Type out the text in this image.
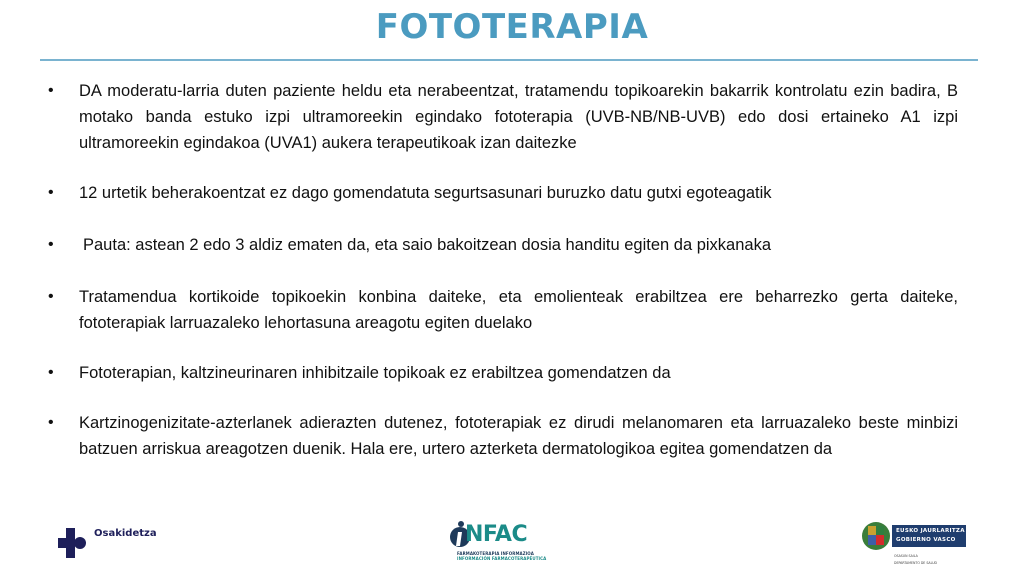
FOTOTERAPIA
• DA moderatu-larria duten paziente heldu eta nerabeentzat, tratamendu topikoarekin bakarrik kontrolatu ezin badira, B motako banda estuko izpi ultramoreekin egindako fototerapia (UVB-NB/NB-UVB) edo dosi ertaineko A1 izpi ultramoreekin egindakoa (UVA1) aukera terapeutikoak izan daitezke
• 12 urtetik beherakoentzat ez dago gomendatuta segurtsasunari buruzko datu gutxi egoteagatik
• Pauta: astean 2 edo 3 aldiz ematen da, eta saio bakoitzean dosia handitu egiten da pixkanaka
• Tratamendua kortikoide topikoekin konbina daiteke, eta emolienteak erabiltzea ere beharrezko gerta daiteke, fototerapiak larruazaleko lehortasuna areagotu egiten duelako
• Fototerapian, kaltzineurinaren inhibitzaile topikoak ez erabiltzea gomendatzen da
• Kartzinogenizitate-azterlanek adierazten dutenez, fototerapiak ez dirudi melanomaren eta larruazaleko beste minbizi batzuen arriskua areagotzen duenik. Hala ere, urtero azterketa dermatologikoa egitea gomendatzen da
Osakidetza	NFAC
FARMAKOTERAPIA INFORMAZIOA
INFORMACIÓN FARMACOTERAPÉUTICA
EUSKO JAURLARITZA
GOBIERNO VASCO
OSASUN SAILA
DEPARTAMENTO DE SALUD
